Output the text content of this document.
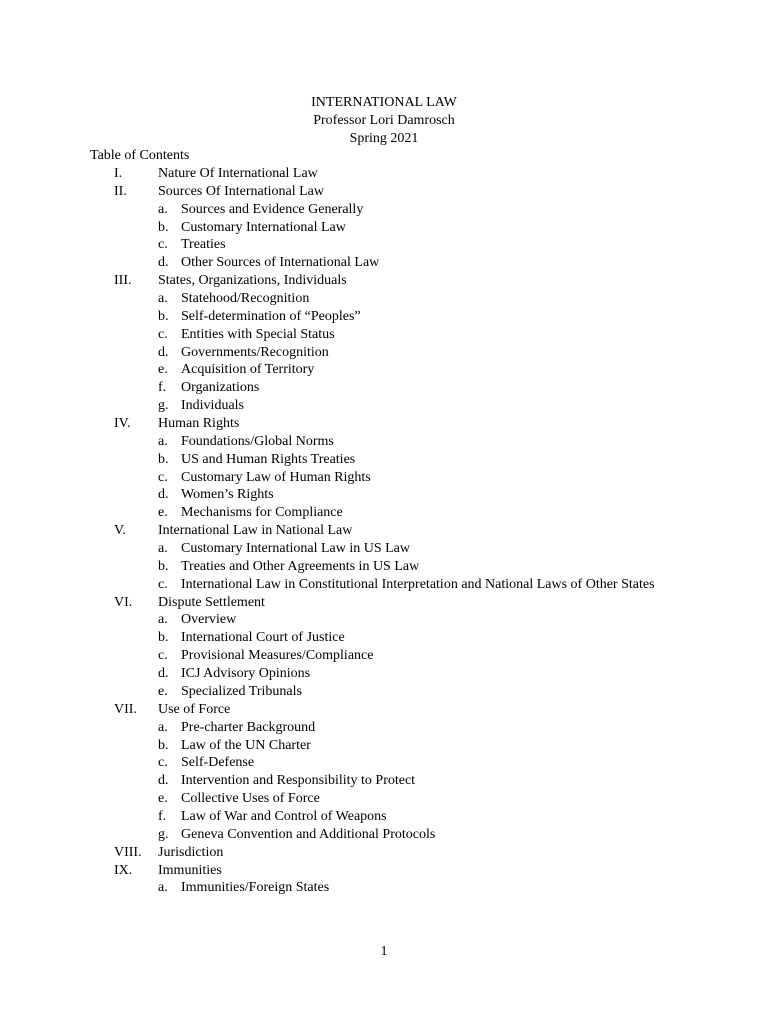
INTERNATIONAL LAW
Professor Lori Damrosch
Spring 2021
Table of Contents
I.	Nature Of International Law
II. Sources Of International Law
a. Sources and Evidence Generally
b. Customary International Law
c. Treaties
d. Other Sources of International Law
III. States, Organizations, Individuals
a. Statehood/Recognition
b. Self-determination of “Peoples”
c. Entities with Special Status
d. Governments/Recognition
e. Acquisition of Territory
f. Organizations
g. Individuals
IV. Human Rights
a. Foundations/Global Norms
b. US and Human Rights Treaties
c. Customary Law of Human Rights
d. Women’s Rights
e. Mechanisms for Compliance
V. International Law in National Law
a. Customary International Law in US Law
b. Treaties and Other Agreements in US Law
c. International Law in Constitutional Interpretation and National Laws of Other States
VI. Dispute Settlement
a. Overview
b. International Court of Justice
c. Provisional Measures/Compliance
d. ICJ Advisory Opinions
e. Specialized Tribunals
VII. Use of Force
a. Pre-charter Background
b. Law of the UN Charter
c. Self-Defense
d. Intervention and Responsibility to Protect
e. Collective Uses of Force
f. Law of War and Control of Weapons
g. Geneva Convention and Additional Protocols
VIII. Jurisdiction
IX. Immunities
a. Immunities/Foreign States
1
